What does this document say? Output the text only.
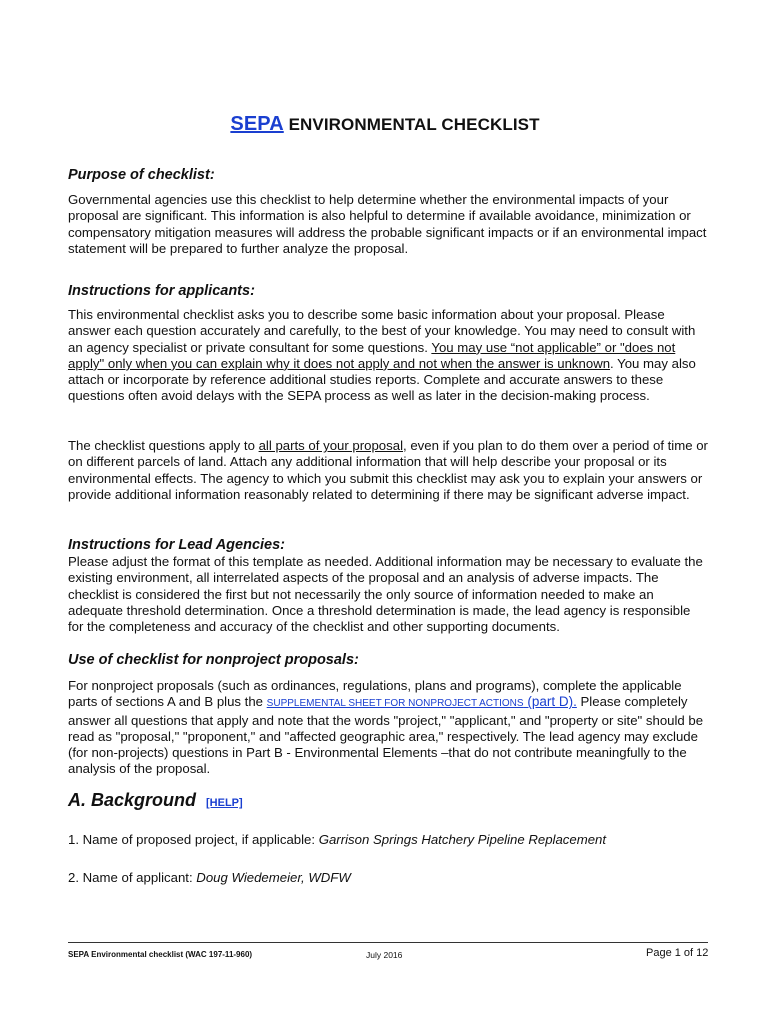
SEPA ENVIRONMENTAL CHECKLIST
Purpose of checklist:

Governmental agencies use this checklist to help determine whether the environmental impacts of your proposal are significant. This information is also helpful to determine if available avoidance, minimization or compensatory mitigation measures will address the probable significant impacts or if an environmental impact statement will be prepared to further analyze the proposal.

Instructions for applicants:

This environmental checklist asks you to describe some basic information about your proposal. Please answer each question accurately and carefully, to the best of your knowledge. You may need to consult with an agency specialist or private consultant for some questions. You may use “not applicable” or "does not apply" only when you can explain why it does not apply and not when the answer is unknown. You may also attach or incorporate by reference additional studies reports. Complete and accurate answers to these questions often avoid delays with the SEPA process as well as later in the decision-making process.

The checklist questions apply to all parts of your proposal, even if you plan to do them over a period of time or on different parcels of land. Attach any additional information that will help describe your proposal or its environmental effects. The agency to which you submit this checklist may ask you to explain your answers or provide additional information reasonably related to determining if there may be significant adverse impact.

Instructions for Lead Agencies:

Please adjust the format of this template as needed. Additional information may be necessary to evaluate the existing environment, all interrelated aspects of the proposal and an analysis of adverse impacts. The checklist is considered the first but not necessarily the only source of information needed to make an adequate threshold determination. Once a threshold determination is made, the lead agency is responsible for the completeness and accuracy of the checklist and other supporting documents.

Use of checklist for nonproject proposals:

For nonproject proposals (such as ordinances, regulations, plans and programs), complete the applicable parts of sections A and B plus the SUPPLEMENTAL SHEET FOR NONPROJECT ACTIONS (part D). Please completely answer all questions that apply and note that the words "project," "applicant," and "property or site" should be read as "proposal," "proponent," and "affected geographic area," respectively. The lead agency may exclude (for non-projects) questions in Part B - Environmental Elements –that do not contribute meaningfully to the analysis of the proposal.

A. Background [HELP]
1. Name of proposed project, if applicable: Garrison Springs Hatchery Pipeline Replacement
2. Name of applicant: Doug Wiedemeier, WDFW
SEPA Environmental checklist (WAC 197-11-960)	July 2016	Page 1 of 12
